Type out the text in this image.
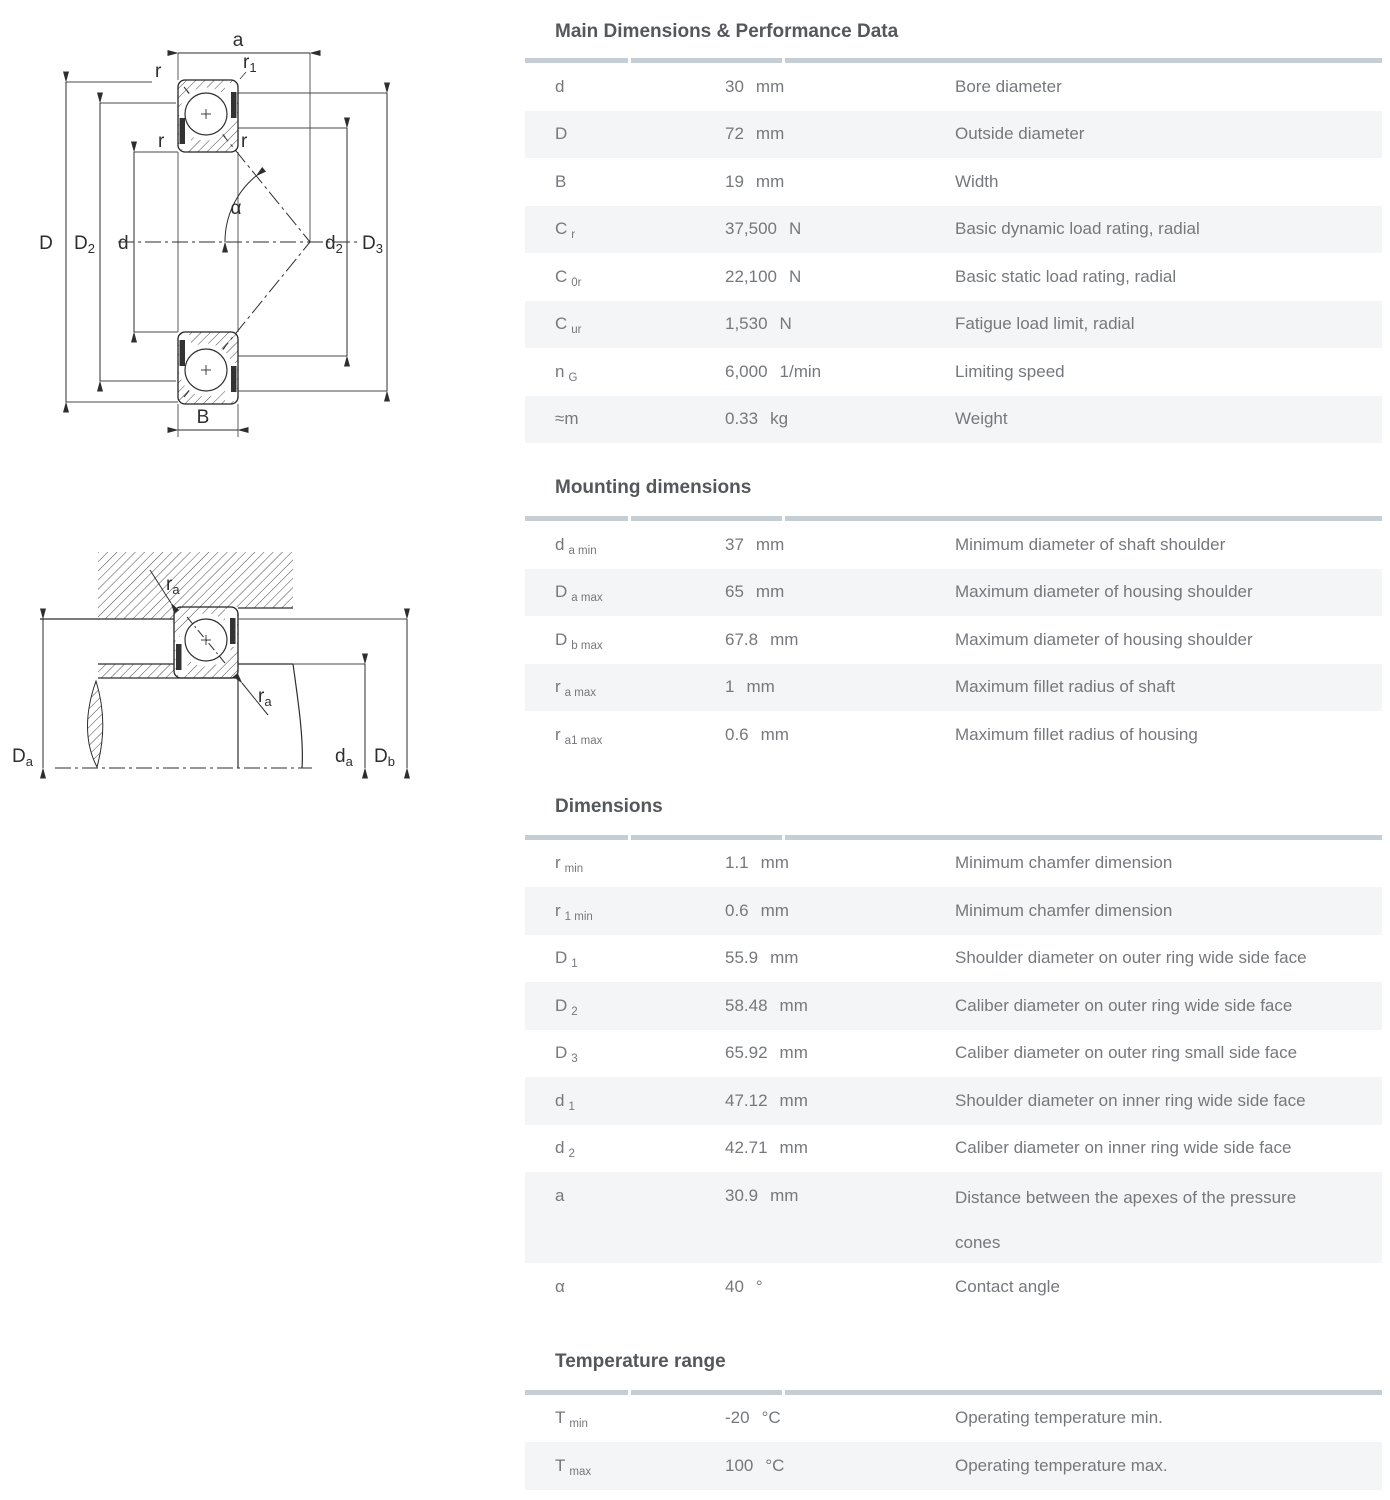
a
r	$r_1$
r	r
D $D_2$ d
α
$d_2$ $D_3$
B
$r_a$
$r_a$
$D_a$	$d_a$ $D_b$
Main Dimensions & Performance Data
d	30 mm	Bore diameter
D	72 mm	Outside diameter
B	19 mm	Width
C $_r$	37,500 N	Basic dynamic load rating, radial
C $_{0r}$	22,100 N	Basic static load rating, radial
C $_{ur}$	1,530 N	Fatigue load limit, radial
n $_G$	6,000 1/min	Limiting speed
≈m	0.33 kg	Weight
Mounting dimensions
d $_{a min}$	37 mm	Minimum diameter of shaft shoulder
D $_{a max}$	65 mm	Maximum diameter of housing shoulder
D $_{b max}$	67.8 mm	Maximum diameter of housing shoulder
r $_{a max}$	1 mm	Maximum fillet radius of shaft
r $_{a1 max}$	0.6 mm	Maximum fillet radius of housing
Dimensions
r $_{min}$	1.1 mm	Minimum chamfer dimension
r $_{1 min}$	0.6 mm	Minimum chamfer dimension
D $_1$	55.9 mm	Shoulder diameter on outer ring wide side face
D $_2$	58.48 mm	Caliber diameter on outer ring wide side face
D $_3$	65.92 mm	Caliber diameter on outer ring small side face
d $_1$	47.12 mm	Shoulder diameter on inner ring wide side face
d $_2$	42.71 mm	Caliber diameter on inner ring wide side face
a	30.9 mm	Distance between the apexes of the pressure cones
α	40 °	Contact angle
Temperature range
T $_{min}$	-20 °C	Operating temperature min.
T $_{max}$	100 °C	Operating temperature max.
